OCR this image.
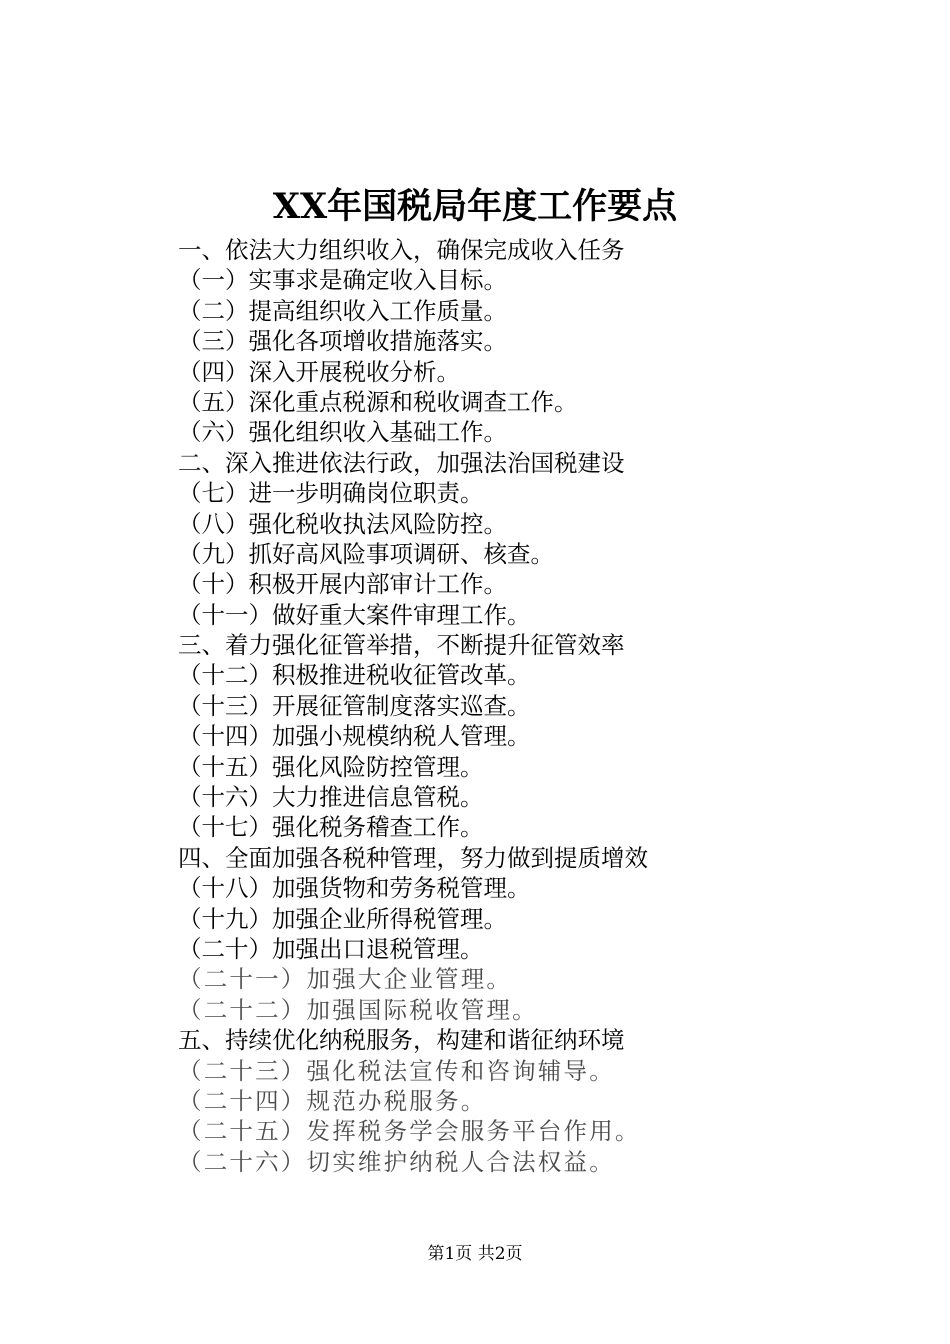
XX年国税局年度工作要点
一、依法大力组织收入，确保完成收入任务
（一）实事求是确定收入目标。
（二）提高组织收入工作质量。
（三）强化各项增收措施落实。
（四）深入开展税收分析。
（五）深化重点税源和税收调查工作。
（六）强化组织收入基础工作。
二、深入推进依法行政，加强法治国税建设
（七）进一步明确岗位职责。
（八）强化税收执法风险防控。
（九）抓好高风险事项调研、核查。
（十）积极开展内部审计工作。
（十一）做好重大案件审理工作。
三、着力强化征管举措，不断提升征管效率
（十二）积极推进税收征管改革。
（十三）开展征管制度落实巡查。
（十四）加强小规模纳税人管理。
（十五）强化风险防控管理。
（十六）大力推进信息管税。
（十七）强化税务稽查工作。
四、全面加强各税种管理，努力做到提质增效
（十八）加强货物和劳务税管理。
（十九）加强企业所得税管理。
（二十）加强出口退税管理。
（二十一）加强大企业管理。
（二十二）加强国际税收管理。
五、持续优化纳税服务，构建和谐征纳环境
（二十三）强化税法宣传和咨询辅导。
（二十四）规范办税服务。
（二十五）发挥税务学会服务平台作用。
（二十六）切实维护纳税人合法权益。
第1页 共2页
